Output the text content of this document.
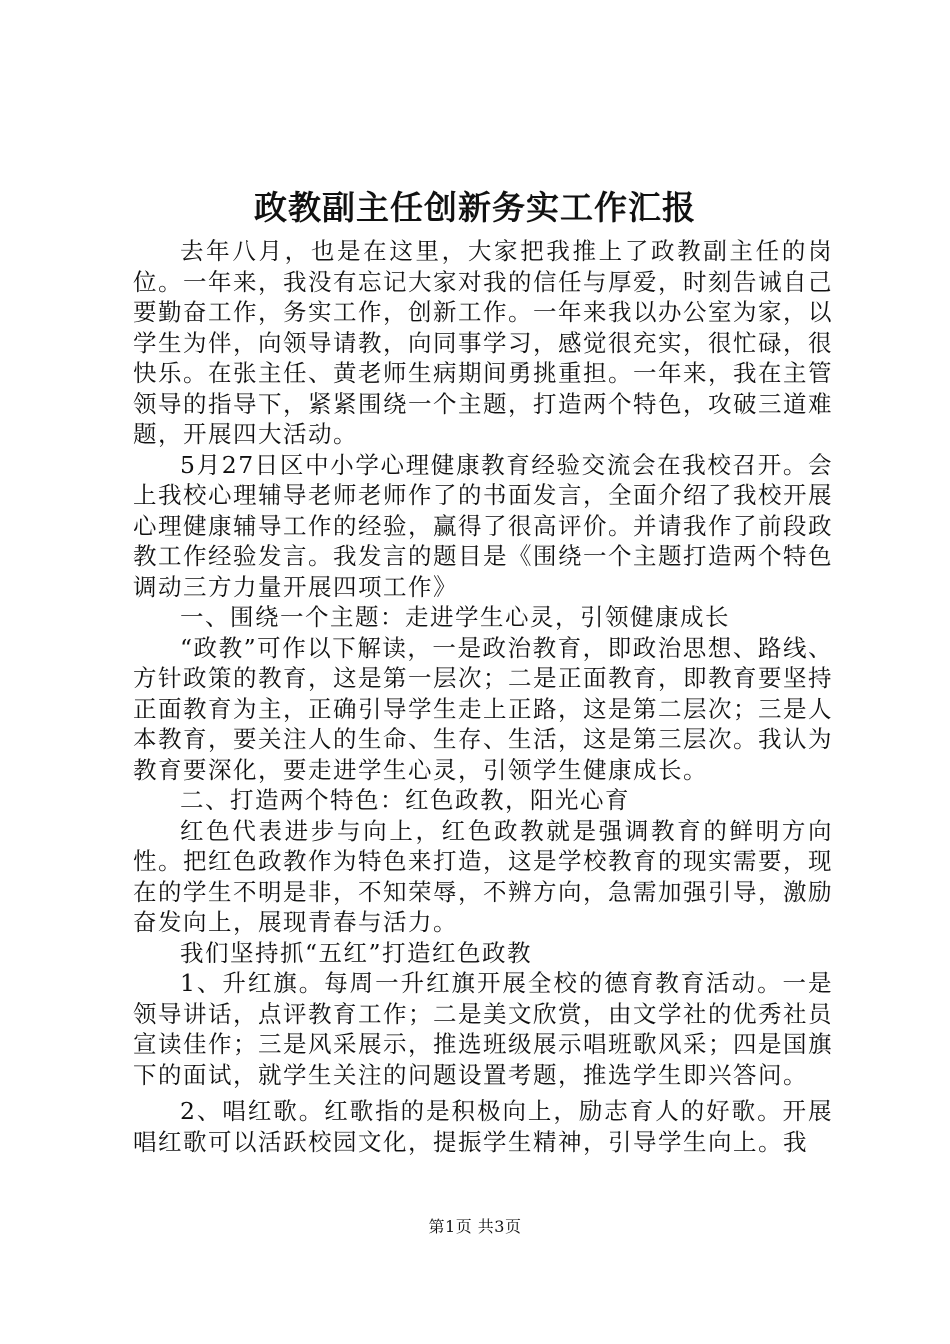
政教副主任创新务实工作汇报

去年八月，也是在这里，大家把我推上了政教副主任的岗位。一年来，我没有忘记大家对我的信任与厚爱，时刻告诫自己要勤奋工作，务实工作，创新工作。一年来我以办公室为家，以学生为伴，向领导请教，向同事学习，感觉很充实，很忙碌，很快乐。在张主任、黄老师生病期间勇挑重担。一年来，我在主管领导的指导下，紧紧围绕一个主题，打造两个特色，攻破三道难题，开展四大活动。

5月27日区中小学心理健康教育经验交流会在我校召开。会上我校心理辅导老师老师作了的书面发言，全面介绍了我校开展心理健康辅导工作的经验，赢得了很高评价。并请我作了前段政教工作经验发言。我发言的题目是《围绕一个主题打造两个特色调动三方力量开展四项工作》

一、围绕一个主题：走进学生心灵，引领健康成长

“政教”可作以下解读，一是政治教育，即政治思想、路线、方针政策的教育，这是第一层次；二是正面教育，即教育要坚持正面教育为主，正确引导学生走上正路，这是第二层次；三是人本教育，要关注人的生命、生存、生活，这是第三层次。我认为教育要深化，要走进学生心灵，引领学生健康成长。

二、打造两个特色：红色政教，阳光心育

红色代表进步与向上，红色政教就是强调教育的鲜明方向性。把红色政教作为特色来打造，这是学校教育的现实需要，现在的学生不明是非，不知荣辱，不辨方向，急需加强引导，激励奋发向上，展现青春与活力。

我们坚持抓“五红”打造红色政教

1、升红旗。每周一升红旗开展全校的德育教育活动。一是领导讲话，点评教育工作；二是美文欣赏，由文学社的优秀社员宣读佳作；三是风采展示，推选班级展示唱班歌风采；四是国旗下的面试，就学生关注的问题设置考题，推选学生即兴答问。

2、唱红歌。红歌指的是积极向上，励志育人的好歌。开展唱红歌可以活跃校园文化，提振学生精神，引导学生向上。我

第1页 共3页
